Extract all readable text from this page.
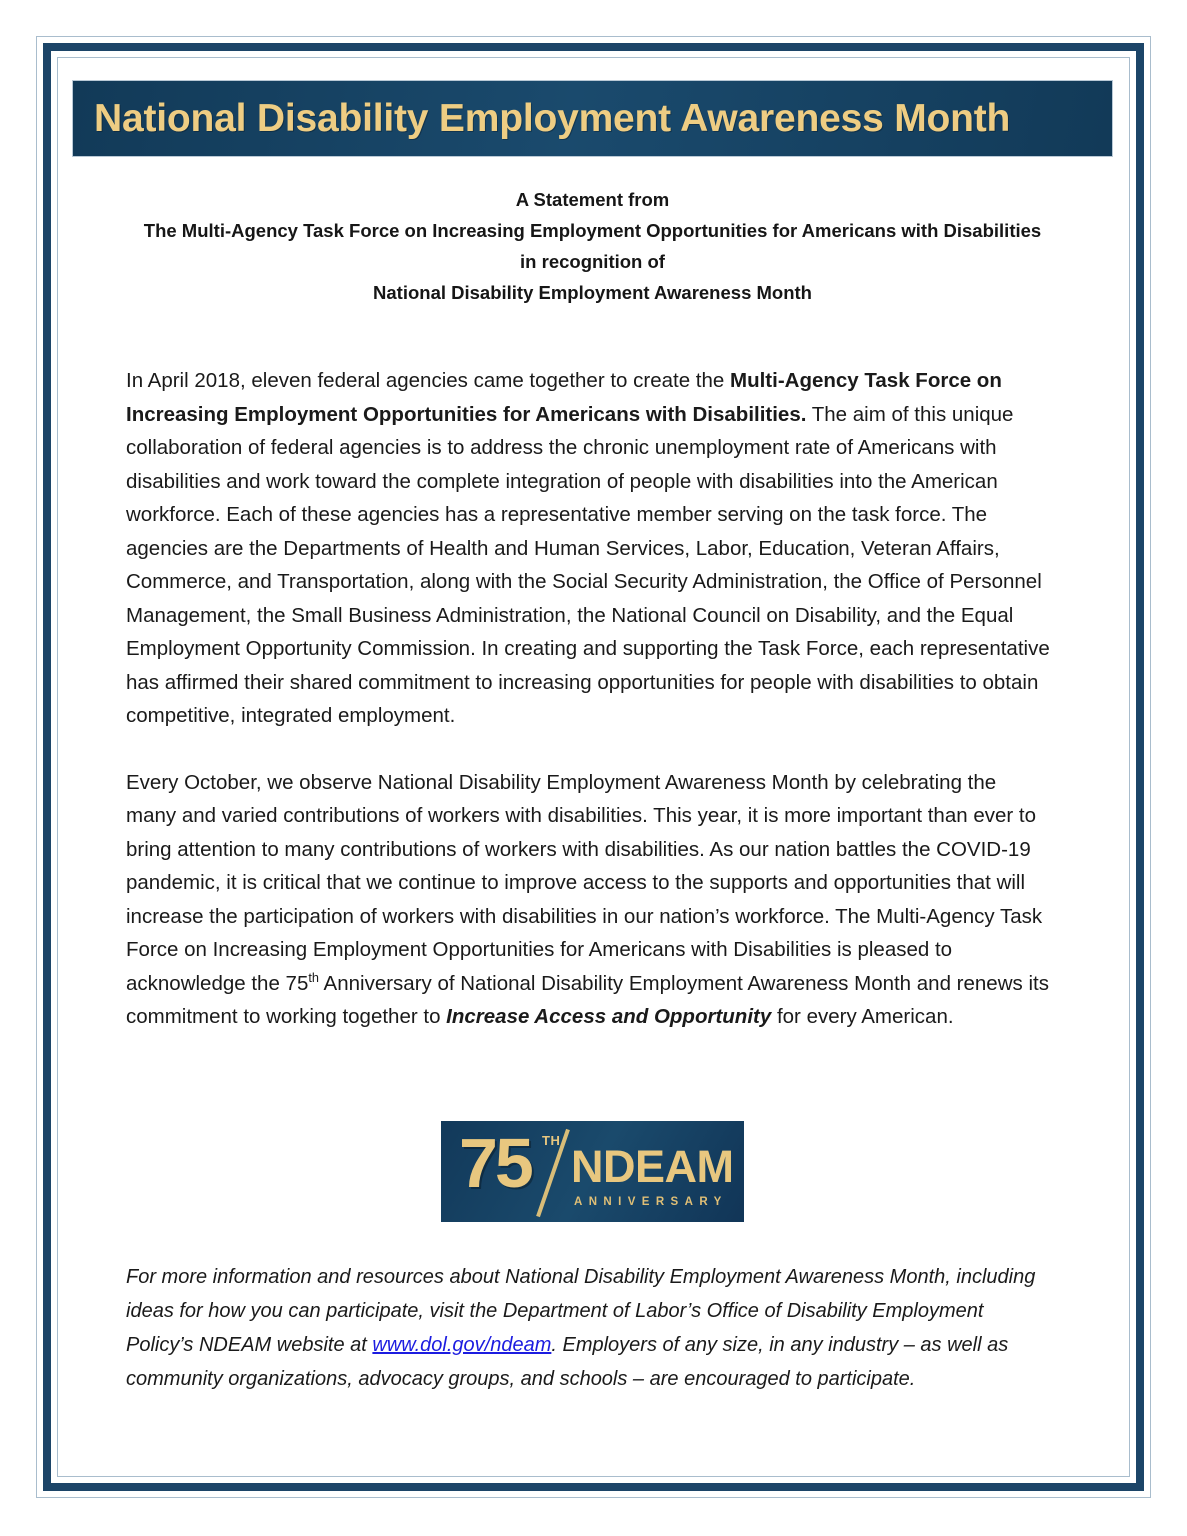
National Disability Employment Awareness Month
A Statement from
The Multi-Agency Task Force on Increasing Employment Opportunities for Americans with Disabilities
in recognition of
National Disability Employment Awareness Month

In April 2018, eleven federal agencies came together to create the Multi-Agency Task Force on Increasing Employment Opportunities for Americans with Disabilities. The aim of this unique collaboration of federal agencies is to address the chronic unemployment rate of Americans with disabilities and work toward the complete integration of people with disabilities into the American workforce. Each of these agencies has a representative member serving on the task force. The agencies are the Departments of Health and Human Services, Labor, Education, Veteran Affairs, Commerce, and Transportation, along with the Social Security Administration, the Office of Personnel Management, the Small Business Administration, the National Council on Disability, and the Equal Employment Opportunity Commission. In creating and supporting the Task Force, each representative has affirmed their shared commitment to increasing opportunities for people with disabilities to obtain competitive, integrated employment.

Every October, we observe National Disability Employment Awareness Month by celebrating the many and varied contributions of workers with disabilities. This year, it is more important than ever to bring attention to many contributions of workers with disabilities. As our nation battles the COVID-19 pandemic, it is critical that we continue to improve access to the supports and opportunities that will increase the participation of workers with disabilities in our nation’s workforce. The Multi-Agency Task Force on Increasing Employment Opportunities for Americans with Disabilities is pleased to acknowledge the 75th Anniversary of National Disability Employment Awareness Month and renews its commitment to working together to Increase Access and Opportunity for every American.

75 TH
NDEAM
ANNIVERSARY
For more information and resources about National Disability Employment Awareness Month, including ideas for how you can participate, visit the Department of Labor’s Office of Disability Employment Policy’s NDEAM website at www.dol.gov/ndeam. Employers of any size, in any industry – as well as community organizations, advocacy groups, and schools – are encouraged to participate.
